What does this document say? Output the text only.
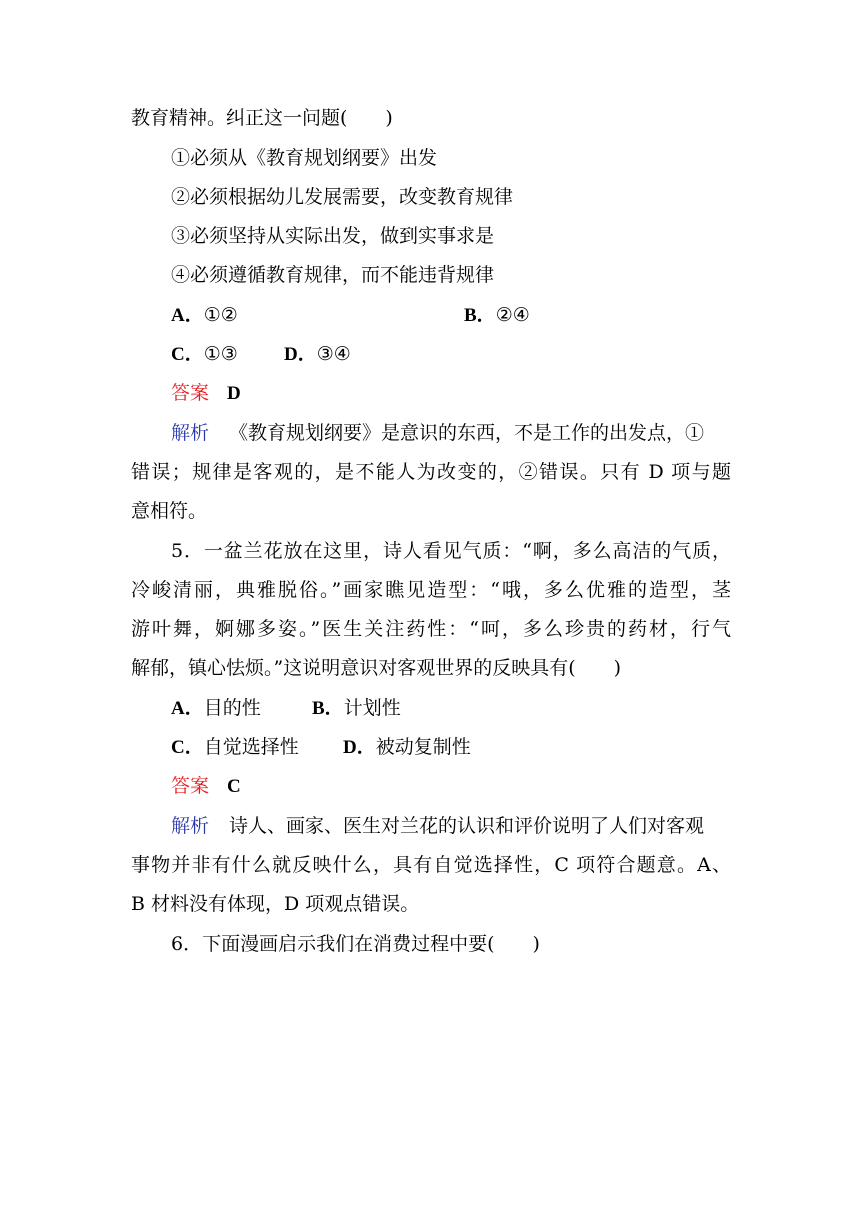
教育精神。纠正这一问题(　　)
①必须从《教育规划纲要》出发
②必须根据幼儿发展需要，改变教育规律
③必须坚持从实际出发，做到实事求是
④必须遵循教育规律，而不能违背规律
A．①②	B．②④
C．①③	D．③④
答案 D
解析 《教育规划纲要》是意识的东西，不是工作的出发点，①
错误；规律是客观的，是不能人为改变的，②错误。只有 D 项与题
意相符。
5．一盆兰花放在这里，诗人看见气质：“啊，多么高洁的气质，
冷峻清丽，典雅脱俗。”画家瞧见造型：“哦，多么优雅的造型，茎
游叶舞，婀娜多姿。”医生关注药性：“呵，多么珍贵的药材，行气
解郁，镇心怯烦。”这说明意识对客观世界的反映具有(　　)
A．目的性	B．计划性
C．自觉选择性	D．被动复制性
答案 C
解析 诗人、画家、医生对兰花的认识和评价说明了人们对客观
事物并非有什么就反映什么，具有自觉选择性，C 项符合题意。A、
B 材料没有体现，D 项观点错误。
6．下面漫画启示我们在消费过程中要(　　)
